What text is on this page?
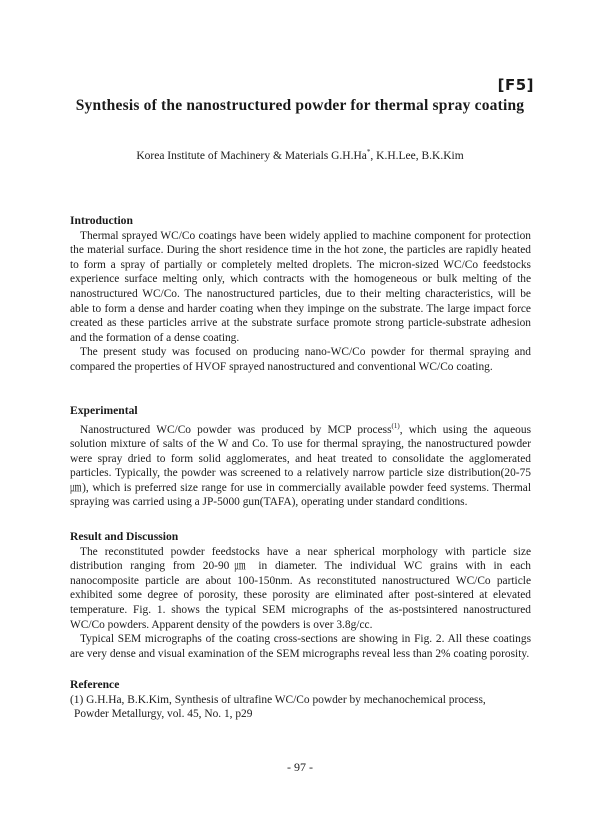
[F5]
Synthesis of the nanostructured powder for thermal spray coating
Korea Institute of Machinery & Materials G.H.Ha*, K.H.Lee, B.K.Kim

Introduction

Thermal sprayed WC/Co coatings have been widely applied to machine component for protection the material surface. During the short residence time in the hot zone, the particles are rapidly heated to form a spray of partially or completely melted droplets. The micron-sized WC/Co feedstocks experience surface melting only, which contracts with the homogeneous or bulk melting of the nanostructured WC/Co. The nanostructured particles, due to their melting characteristics, will be able to form a dense and harder coating when they impinge on the substrate. The large impact force created as these particles arrive at the substrate surface promote strong particle-substrate adhesion and the formation of a dense coating.

The present study was focused on producing nano-WC/Co powder for thermal spraying and compared the properties of HVOF sprayed nanostructured and conventional WC/Co coating.

Experimental

Nanostructured WC/Co powder was produced by MCP process$^{(1)}$, which using the aqueous solution mixture of salts of the W and Co. To use for thermal spraying, the nanostructured powder were spray dried to form solid agglomerates, and heat treated to consolidate the agglomerated particles. Typically, the powder was screened to a relatively narrow particle size distribution(20-75㎛), which is preferred size range for use in commercially available powder feed systems. Thermal spraying was carried using a JP-5000 gun(TAFA), operating under standard conditions.

Result and Discussion

The reconstituted powder feedstocks have a near spherical morphology with particle size distribution ranging from 20-90㎛ in diameter. The individual WC grains with in each nanocomposite particle are about 100-150nm. As reconstituted nanostructured WC/Co particle exhibited some degree of porosity, these porosity are eliminated after post-sintered at elevated temperature. Fig. 1. shows the typical SEM micrographs of the as-postsintered nanostructured WC/Co powders. Apparent density of the powders is over 3.8g/cc.

Typical SEM micrographs of the coating cross-sections are showing in Fig. 2. All these coatings are very dense and visual examination of the SEM micrographs reveal less than 2% coating porosity.

Reference

(1) G.H.Ha, B.K.Kim, Synthesis of ultrafine WC/Co powder by mechanochemical process,

Powder Metallurgy, vol. 45, No. 1, p29

- 97 -
